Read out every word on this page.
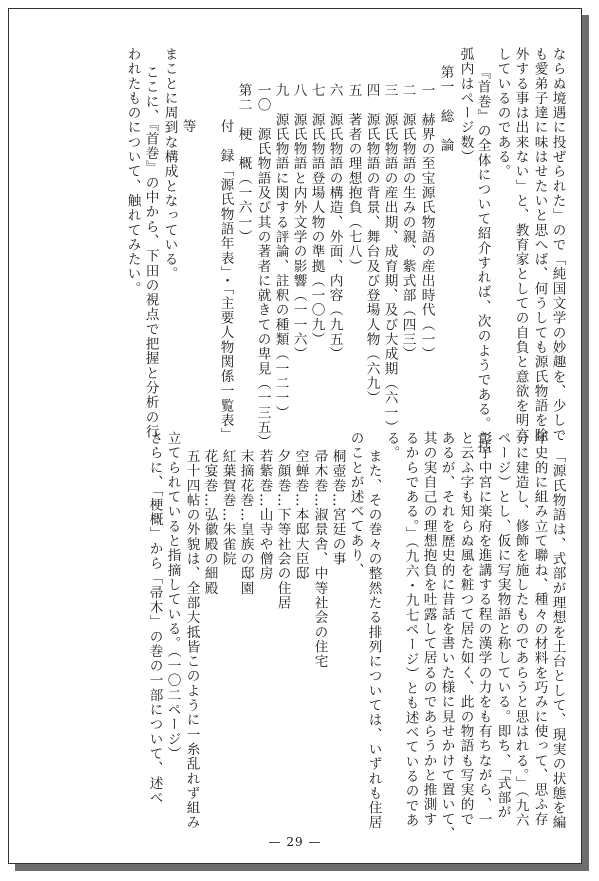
ならぬ境遇に投ぜられた」ので「純国文学の妙趣を、少しで
も愛弟子達に味はせたいと思へば、何うしても源氏物語を除
外する事は出来ない」と、教育家としての自負と意欲を明言
しているのである。
『首巻』の全体について紹介すれば、次のようである。（括
弧内はページ数）
第一　総　論
一　赫界の至宝源氏物語の産出時代（一）
二　源氏物語の生みの親、紫式部（四三）
三　源氏物語の産出期、成育期、及び大成期（六一）
四　源氏物語の背景、舞台及び登場人物（六九）
五　著者の理想抱負（七八）
六　源氏物語の構造、外面、内容（九五）
七　源氏物語登場人物の準拠（一〇九）
八　源氏物語と内外文学の影響（一一六）
九　源氏物語に関する評論、註釈の種類（一二一）
一〇　源氏物語及び其の著者に就きての卑見（一三五）
第二　梗　概（一六一）
付　録「源氏物語年表」・「主要人物関係一覧表」
等
まことに周到な構成となっている。
ここに、『首巻』の中から、下田の視点で把握と分析の行
われたものについて、触れてみたい。
「源氏物語は、式部が理想を土台として、現実の状態を編
年史的に組み立て聯ね、種々の材料を巧みに使って、思ふ存
分に建造し、修飾を施したものであらうと思はれる。」（九六
ページ）とし、仮に写実物語と称している。即ち、「式部が
彰子中宮に楽府を進講する程の漢学の力をも有ちながら、一
と云ふ字も知らぬ風を粧つて居た如く、此の物語も写実的で
あるが、それを歴史的に昔話を書いた様に見せかけて置いて、
其の実自己の理想抱負を吐露して居るのであらうかと推測す
るからである。」（九六・九七ページ）とも述べているのであ
る。
また、その巻々の整然たる排列については、いずれも住居
のことが述べてあり、
桐壺巻…宮廷の事
帚木巻…淑景舎、中等社会の住宅
空蝉巻…本邸大臣邸
夕顔巻…下等社会の住居
若紫巻…山寺や僧房
末摘花巻…皇族の邸園
紅葉賀巻…朱雀院
花宴巻…弘徽殿の細殿
五十四帖の外貌は、全部大抵皆このように一糸乱れず組み
立てられていると指摘している。（一〇二ページ）
さらに、「梗概」から「帚木」の巻の一部について、述べ
— 29 —
